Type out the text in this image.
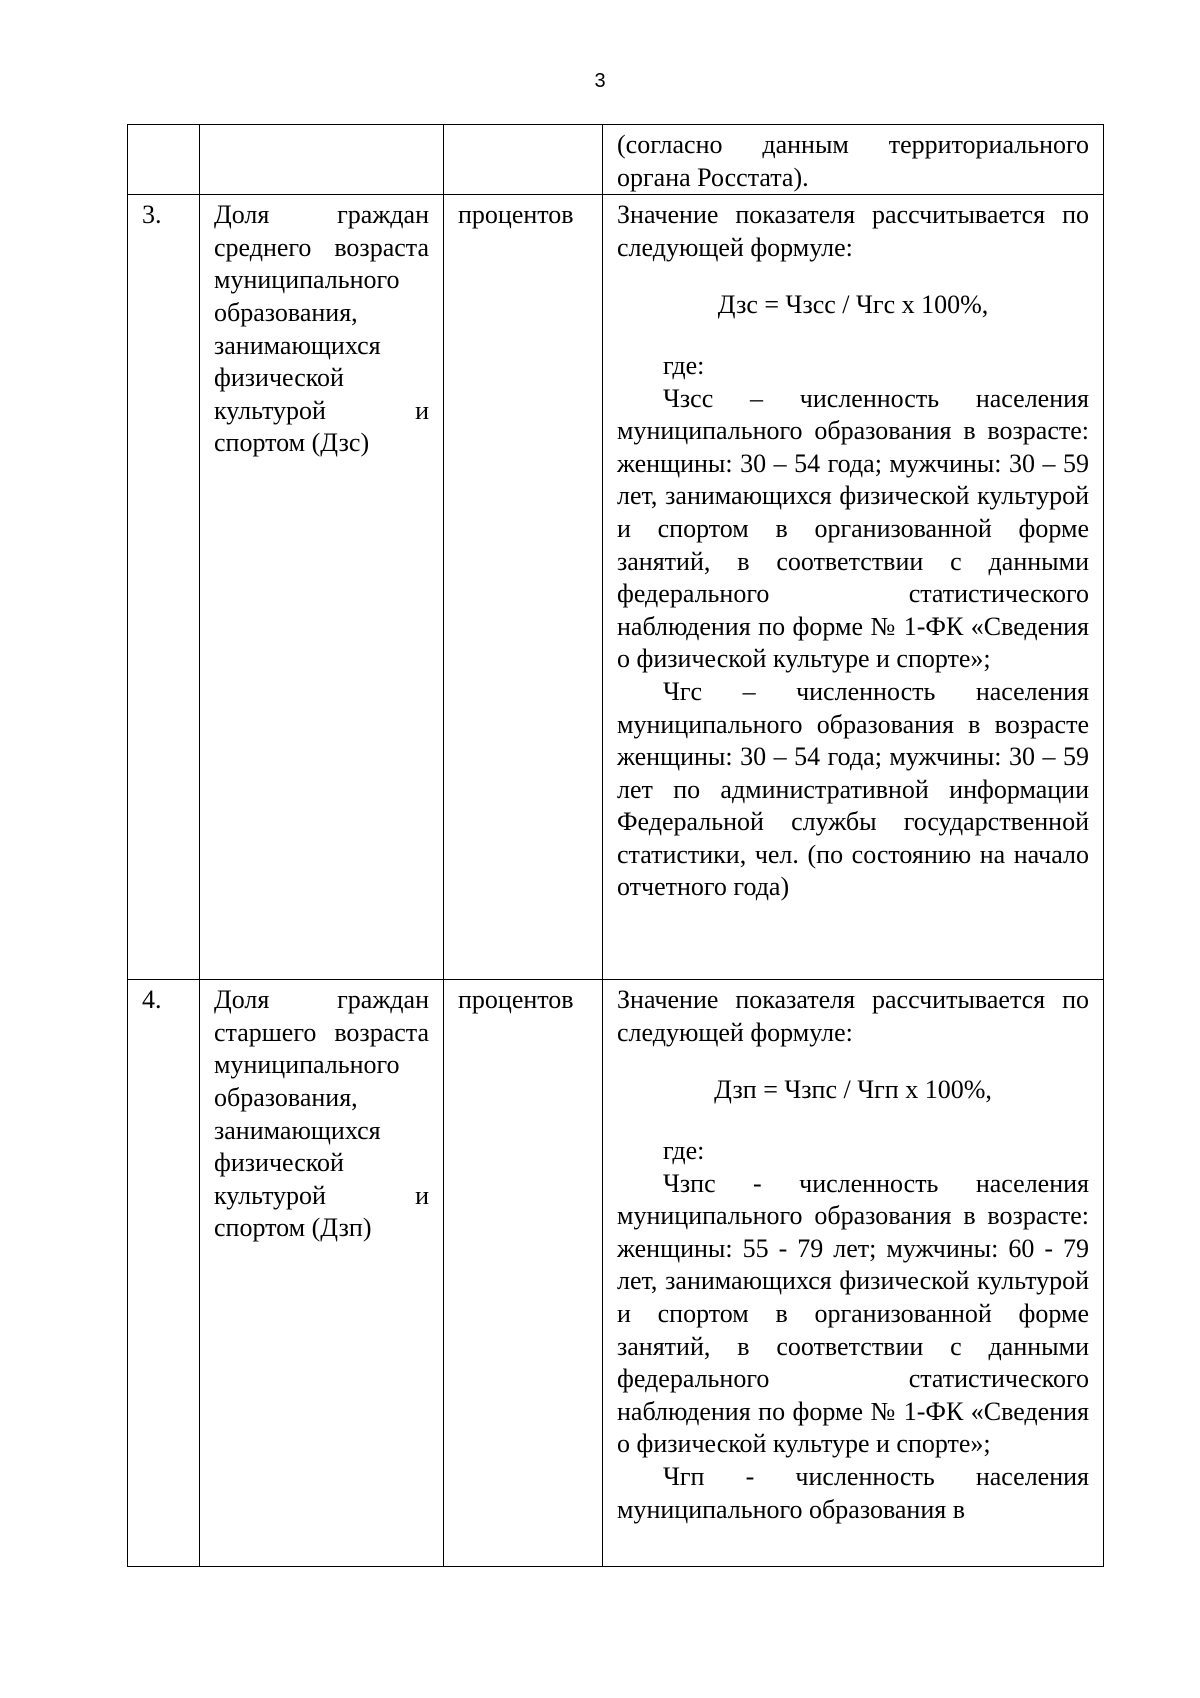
3

			(согласно данным территориального органа Росстата).

3.	Доля граждан среднего возраста муниципального образования, занимающихся физической культурой и спортом (Дзс)	процентов	Значение показателя рассчитывается по следующей формуле:

Дзс = Чзсс / Чгс х 100%,

где:

Чзсс – численность населения муниципального образования в возрасте: женщины: 30 – 54 года; мужчины: 30 – 59 лет, занимающихся физической культурой и спортом в организованной форме занятий, в соответствии с данными федерального статистического наблюдения по форме № 1-ФК «Сведения о физической культуре и спорте»;

Чгс – численность населения муниципального образования в возрасте женщины: 30 – 54 года; мужчины: 30 – 59 лет по административной информации Федеральной службы государственной статистики, чел. (по состоянию на начало отчетного года)

4.	Доля граждан старшего возраста муниципального образования, занимающихся физической культурой и спортом (Дзп)	процентов	Значение показателя рассчитывается по следующей формуле:

Дзп = Чзпс / Чгп х 100%,

где:

Чзпс - численность населения муниципального образования в возрасте: женщины: 55 - 79 лет; мужчины: 60 - 79 лет, занимающихся физической культурой и спортом в организованной форме занятий, в соответствии с данными федерального статистического наблюдения по форме № 1-ФК «Сведения о физической культуре и спорте»;

Чгп - численность населения муниципального образования в
